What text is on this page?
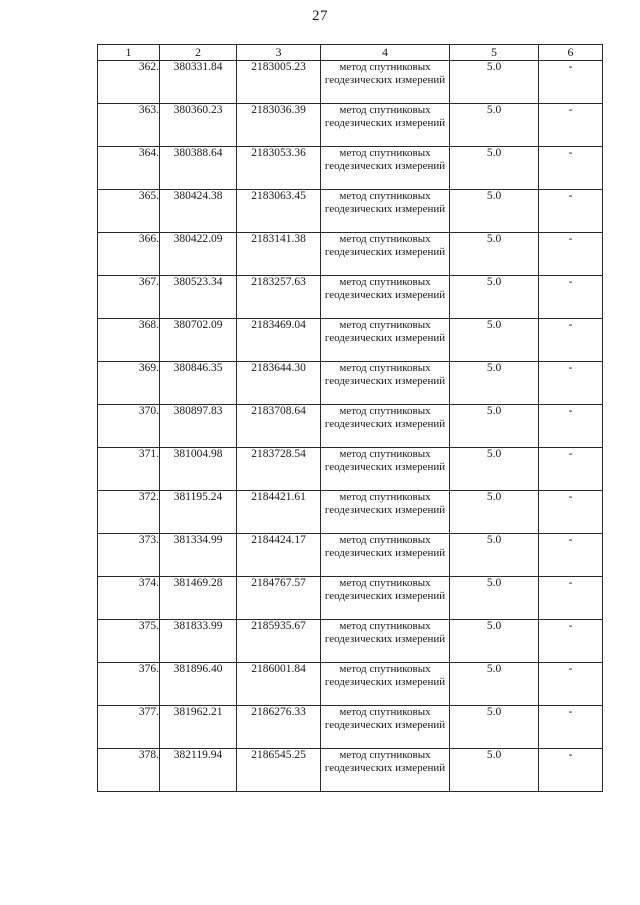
27
1	2	3	4	5	6
362.	380331.84	2183005.23	метод спутниковых геодезических измерений	5.0	-
363.	380360.23	2183036.39	метод спутниковых геодезических измерений	5.0	-
364.	380388.64	2183053.36	метод спутниковых геодезических измерений	5.0	-
365.	380424.38	2183063.45	метод спутниковых геодезических измерений	5.0	-
366.	380422.09	2183141.38	метод спутниковых геодезических измерений	5.0	-
367.	380523.34	2183257.63	метод спутниковых геодезических измерений	5.0	-
368.	380702.09	2183469.04	метод спутниковых геодезических измерений	5.0	-
369.	380846.35	2183644.30	метод спутниковых геодезических измерений	5.0	-
370.	380897.83	2183708.64	метод спутниковых геодезических измерений	5.0	-
371.	381004.98	2183728.54	метод спутниковых геодезических измерений	5.0	-
372.	381195.24	2184421.61	метод спутниковых геодезических измерений	5.0	-
373.	381334.99	2184424.17	метод спутниковых геодезических измерений	5.0	-
374.	381469.28	2184767.57	метод спутниковых геодезических измерений	5.0	-
375.	381833.99	2185935.67	метод спутниковых геодезических измерений	5.0	-
376.	381896.40	2186001.84	метод спутниковых геодезических измерений	5.0	-
377.	381962.21	2186276.33	метод спутниковых геодезических измерений	5.0	-
378.	382119.94	2186545.25	метод спутниковых геодезических измерений	5.0	-
